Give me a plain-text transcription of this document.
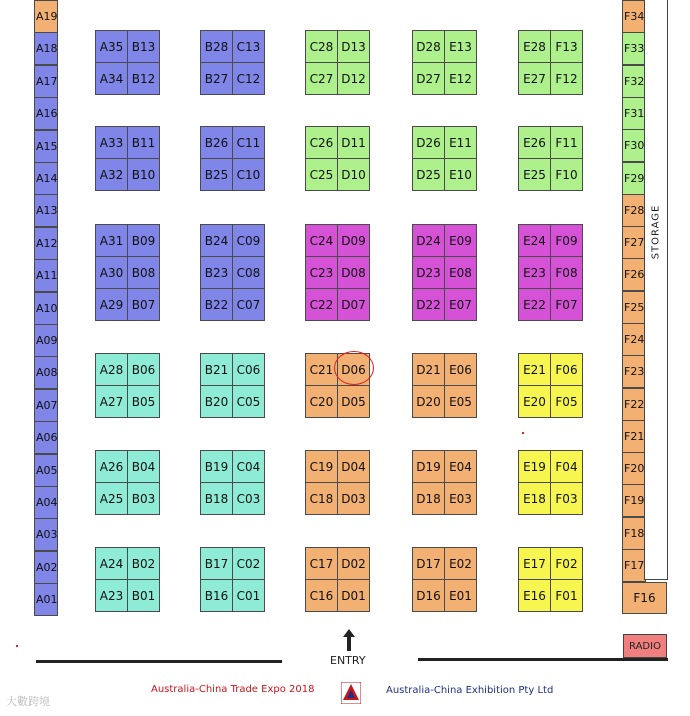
A19
A18
A17
A16
A15
A14
A13
A12
A11
A10
A09
A08
A07
A06
A05
A04
A03
A02
A01
F34
F33
F32
F31
F30
F29
F28
F27
F26
F25
F24
F23
F22
F21
F20
F19
F18
F17
F16
A35 B13
A34 B12
B28 C13
B27 C12
C28 D13
C27 D12
D28 E13
D27 E12
E28 F13
E27 F12
A33 B11
A32 B10
B26 C11
B25 C10
C26 D11
C25 D10
D26 E11
D25 E10
E26 F11
E25 F10
A31 B09
A30 B08
A29 B07
B24 C09
B23 C08
B22 C07
C24 D09
C23 D08
C22 D07
D24 E09
D23 E08
D22 E07
E24 F09
E23 F08
E22 F07
A28 B06
A27 B05
B21 C06
B20 C05
C21 D06
C20 D05
D21 E06
D20 E05
E21 F06
E20 F05
A26 B04
A25 B03
B19 C04
B18 C03
C19 D04
C18 D03
D19 E04
D18 E03
E19 F04
E18 F03
A24 B02
A23 B01
B17 C02
B16 C01
C17 D02
C16 D01
D17 E02
D16 E01
E17 F02
E16 F01
STORAGE
RADIO
ENTRY
Australia-China Trade Expo 2018	Australia-China Exhibition Pty Ltd
大數跨境
